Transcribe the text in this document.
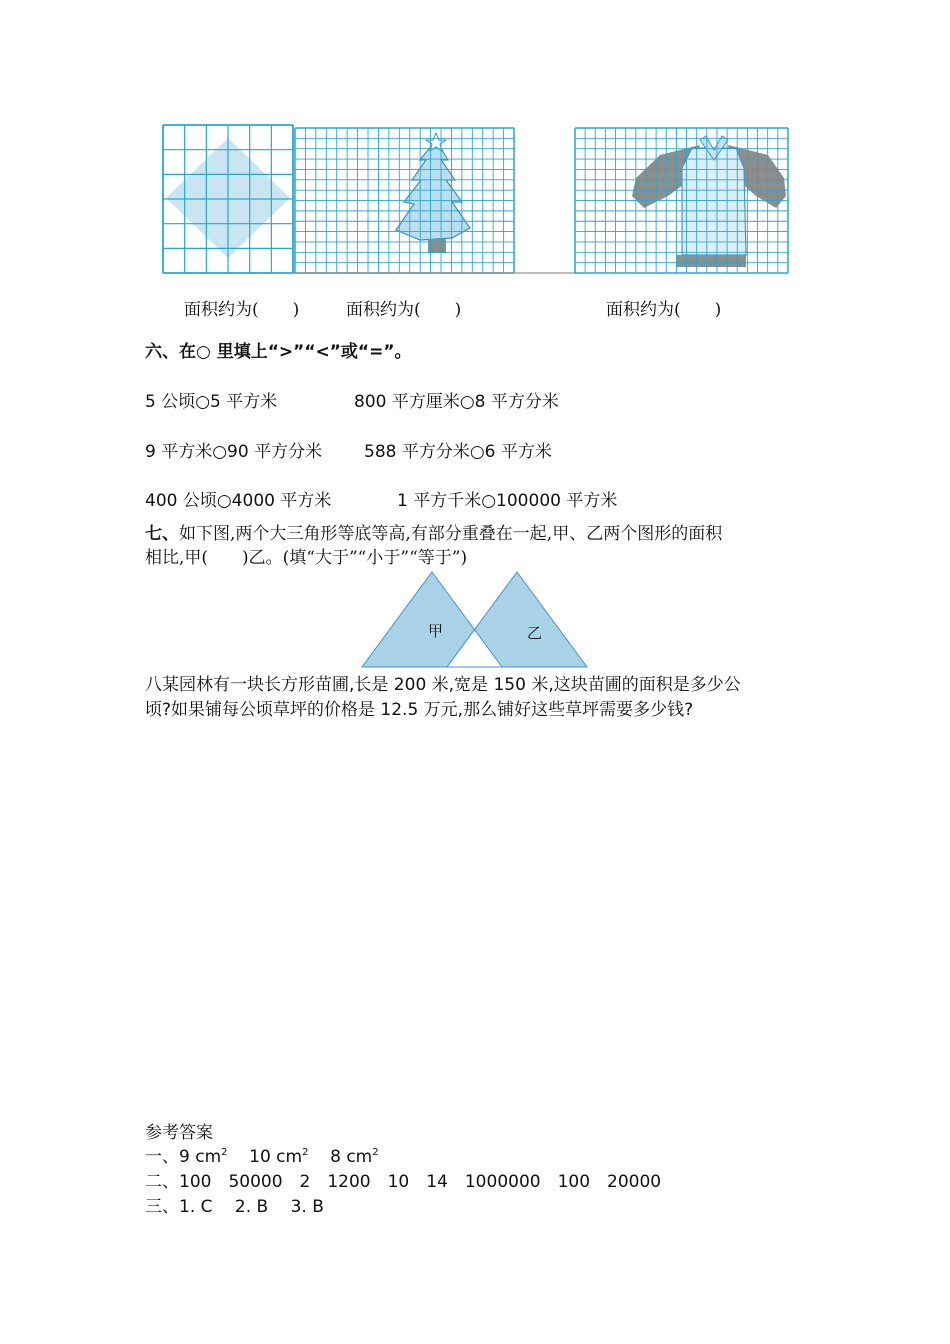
面积约为(　　)	面积约为(　　)	面积约为(　　)
六、在○ 里填上“>”“<”或“=”。
5 公顷○5 平方米	800 平方厘米○8 平方分米
9 平方米○90 平方分米 588 平方分米○6 平方米
400 公顷○4000 平方米	1 平方千米○100000 平方米
七、如下图,两个大三角形等底等高,有部分重叠在一起,甲、乙两个图形的面积
相比,甲(　　)乙。(填“大于”“小于”“等于”)
甲	乙
八某园林有一块长方形苗圃,长是 200 米,宽是 150 米,这块苗圃的面积是多少公
顷?如果铺每公顷草坪的价格是 12.5 万元,那么铺好这些草坪需要多少钱?
参考答案
一、9 $cm^2$ 10 $cm^2$ 8 $cm^2$
二、100　50000　2　1200　10　14　1000000　100　20000
三、1. C　 2. B　 3. B
